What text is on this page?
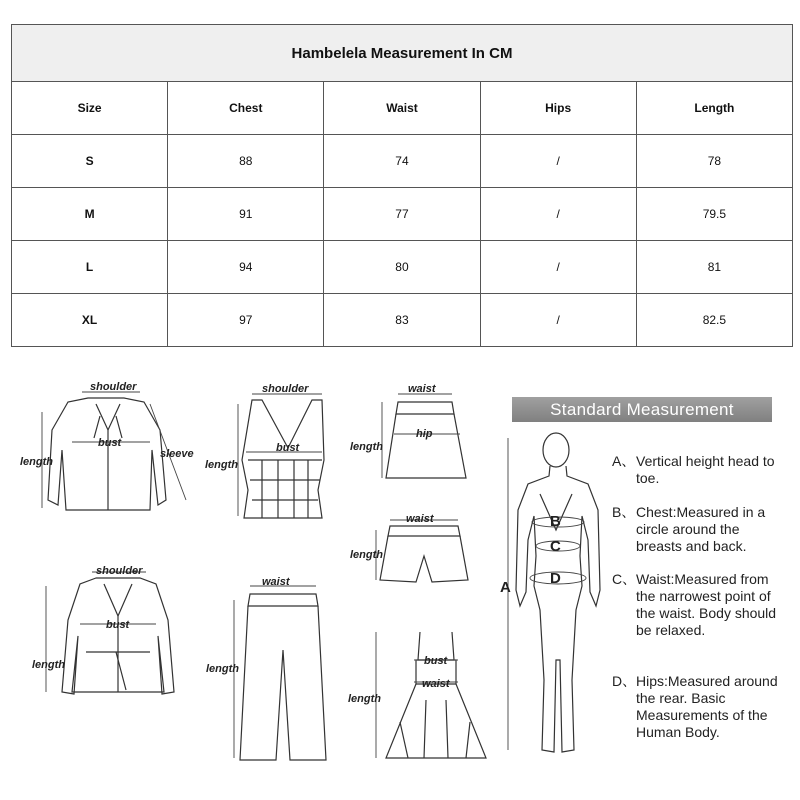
Hambelela Measurement In CM				
Size	Chest	Waist	Hips	Length
S	88	74	/	78
M	91	77	/	79.5
L	94	80	/	81
XL	97	83	/	82.5
shoulder
bust
length
sleeve
shoulder
bust
length
waist
hip
length
waist
length
shoulder
bust
length
waist
length
bust
waist
length
A
B
C
D
Standard Measurement
A、Vertical height head to toe.
B、Chest:Measured in a circle around the breasts and back.
C、Waist:Measured from the narrowest point of the waist. Body should be relaxed.
D、Hips:Measured around the rear. Basic Measurements of the Human Body.
